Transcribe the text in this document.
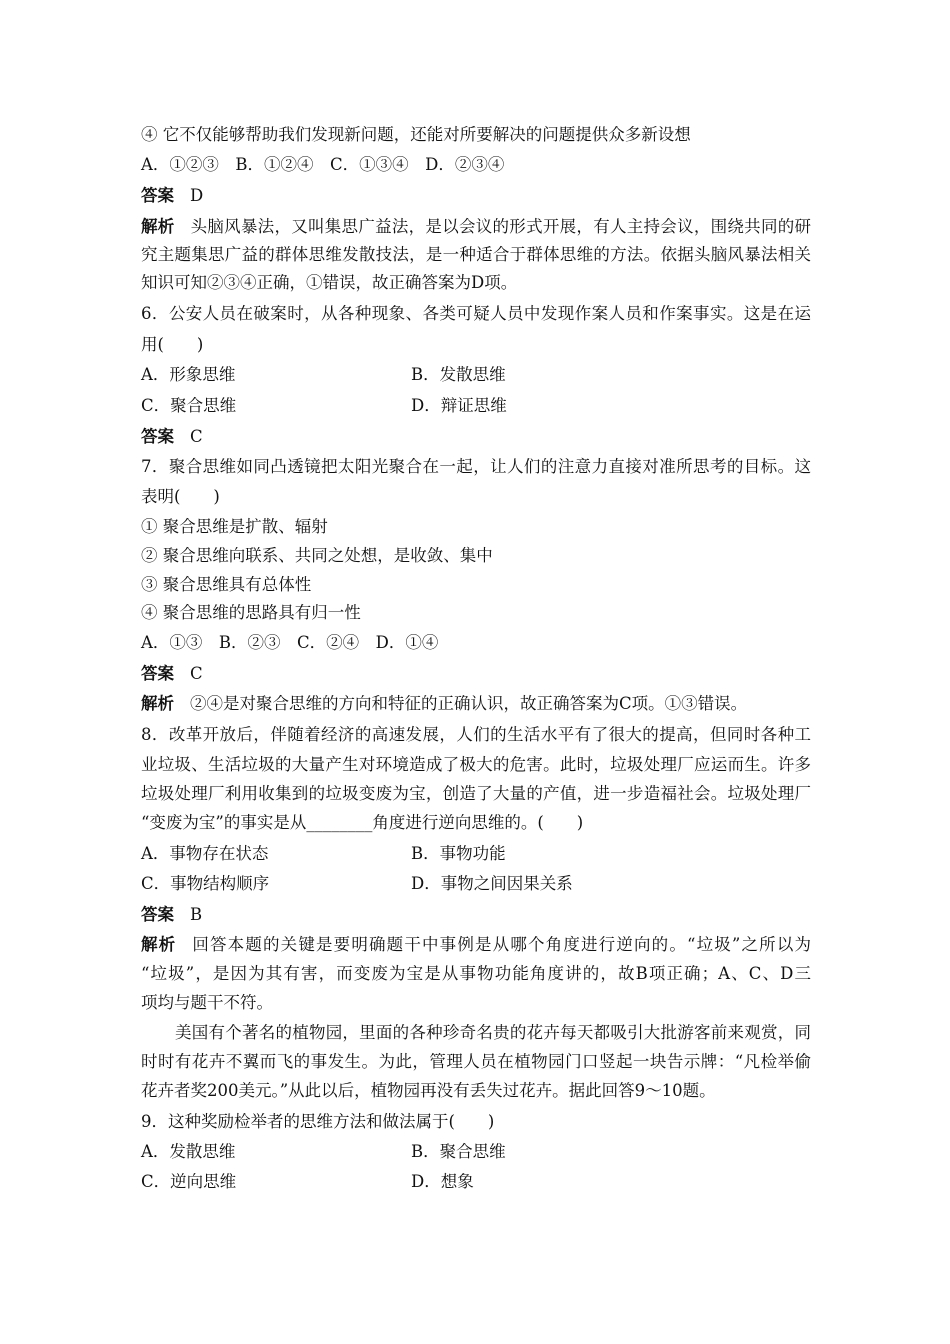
④ 它不仅能够帮助我们发现新问题，还能对所要解决的问题提供众多新设想
A．①②③　B．①②④　C．①③④　D．②③④
答案 D
解析 头脑风暴法，又叫集思广益法，是以会议的形式开展，有人主持会议，围绕共同的研
究主题集思广益的群体思维发散技法，是一种适合于群体思维的方法。依据头脑风暴法相关
知识可知②③④正确，①错误，故正确答案为D项。
6．公安人员在破案时，从各种现象、各类可疑人员中发现作案人员和作案事实。这是在运
用(　　)
A．形象思维	B．发散思维
C．聚合思维	D．辩证思维
答案 C
7．聚合思维如同凸透镜把太阳光聚合在一起，让人们的注意力直接对准所思考的目标。这
表明(　　)
① 聚合思维是扩散、辐射
② 聚合思维向联系、共同之处想，是收敛、集中
③ 聚合思维具有总体性
④ 聚合思维的思路具有归一性
A．①③　B．②③　C．②④　D．①④
答案 C
解析 ②④是对聚合思维的方向和特征的正确认识，故正确答案为C项。①③错误。
8．改革开放后，伴随着经济的高速发展，人们的生活水平有了很大的提高，但同时各种工
业垃圾、生活垃圾的大量产生对环境造成了极大的危害。此时，垃圾处理厂应运而生。许多
垃圾处理厂利用收集到的垃圾变废为宝，创造了大量的产值，进一步造福社会。垃圾处理厂
“变废为宝”的事实是从________角度进行逆向思维的。(　　)
A．事物存在状态	B．事物功能
C．事物结构顺序	D．事物之间因果关系
答案 B
解析 回答本题的关键是要明确题干中事例是从哪个角度进行逆向的。“垃圾”之所以为
“垃圾”，是因为其有害，而变废为宝是从事物功能角度讲的，故B项正确；A、C、D三
项均与题干不符。
美国有个著名的植物园，里面的各种珍奇名贵的花卉每天都吸引大批游客前来观赏，同
时时有花卉不翼而飞的事发生。为此，管理人员在植物园门口竖起一块告示牌：“凡检举偷
花卉者奖200美元。”从此以后，植物园再没有丢失过花卉。据此回答9～10题。
9．这种奖励检举者的思维方法和做法属于(　　)
A．发散思维	B．聚合思维
C．逆向思维	D．想象
